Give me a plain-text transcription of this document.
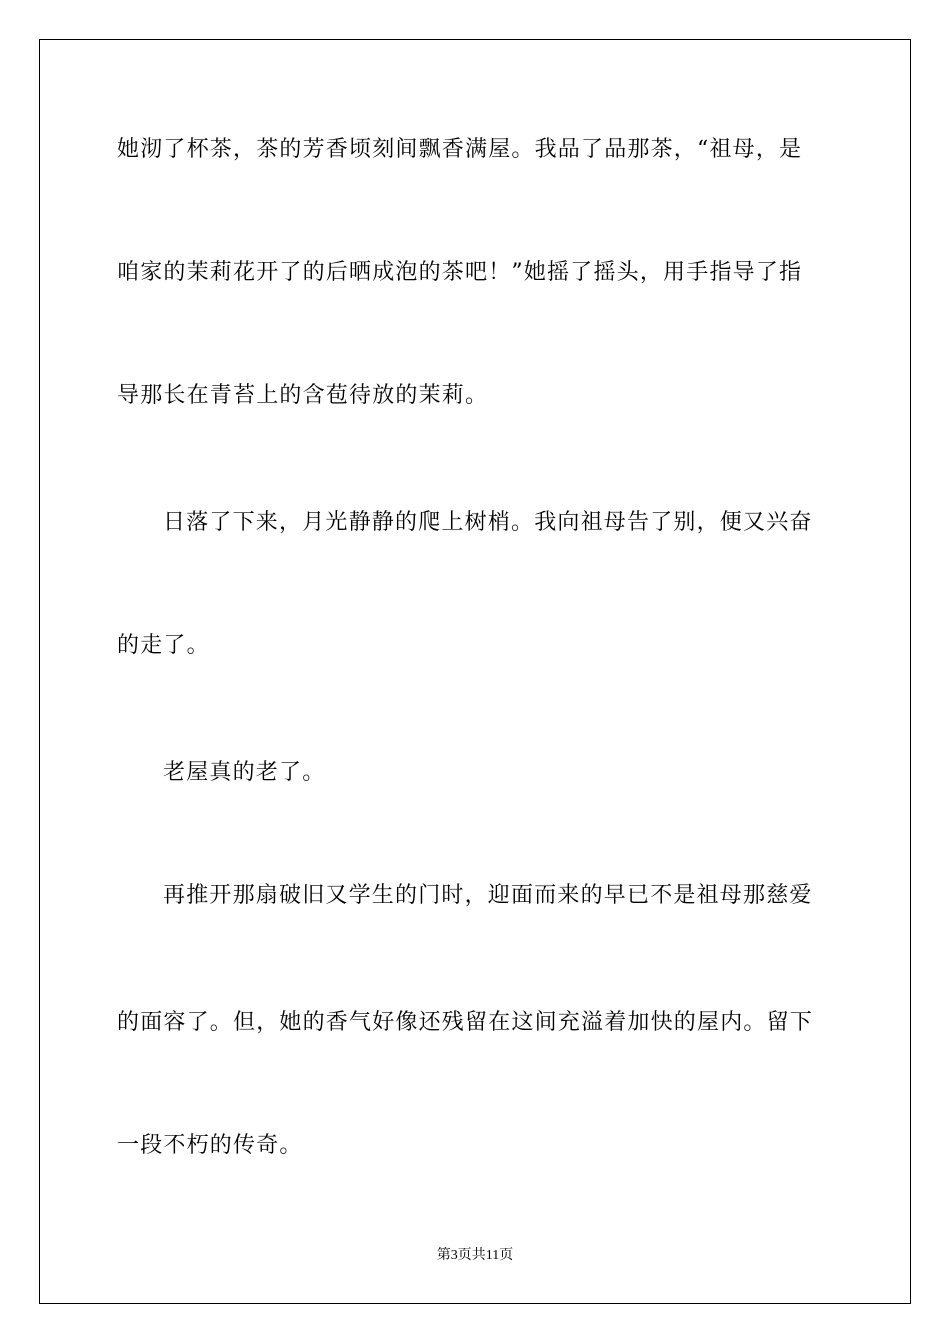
她沏了杯茶，茶的芳香顷刻间飘香满屋。我品了品那茶，“祖母，是
咱家的茉莉花开了的后晒成泡的茶吧！”她摇了摇头，用手指导了指
导那长在青苔上的含苞待放的茉莉。
日落了下来，月光静静的爬上树梢。我向祖母告了别，便又兴奋
的走了。
老屋真的老了。
再推开那扇破旧又学生的门时，迎面而来的早已不是祖母那慈爱
的面容了。但，她的香气好像还残留在这间充溢着加快的屋内。留下
一段不朽的传奇。
第3页共11页
